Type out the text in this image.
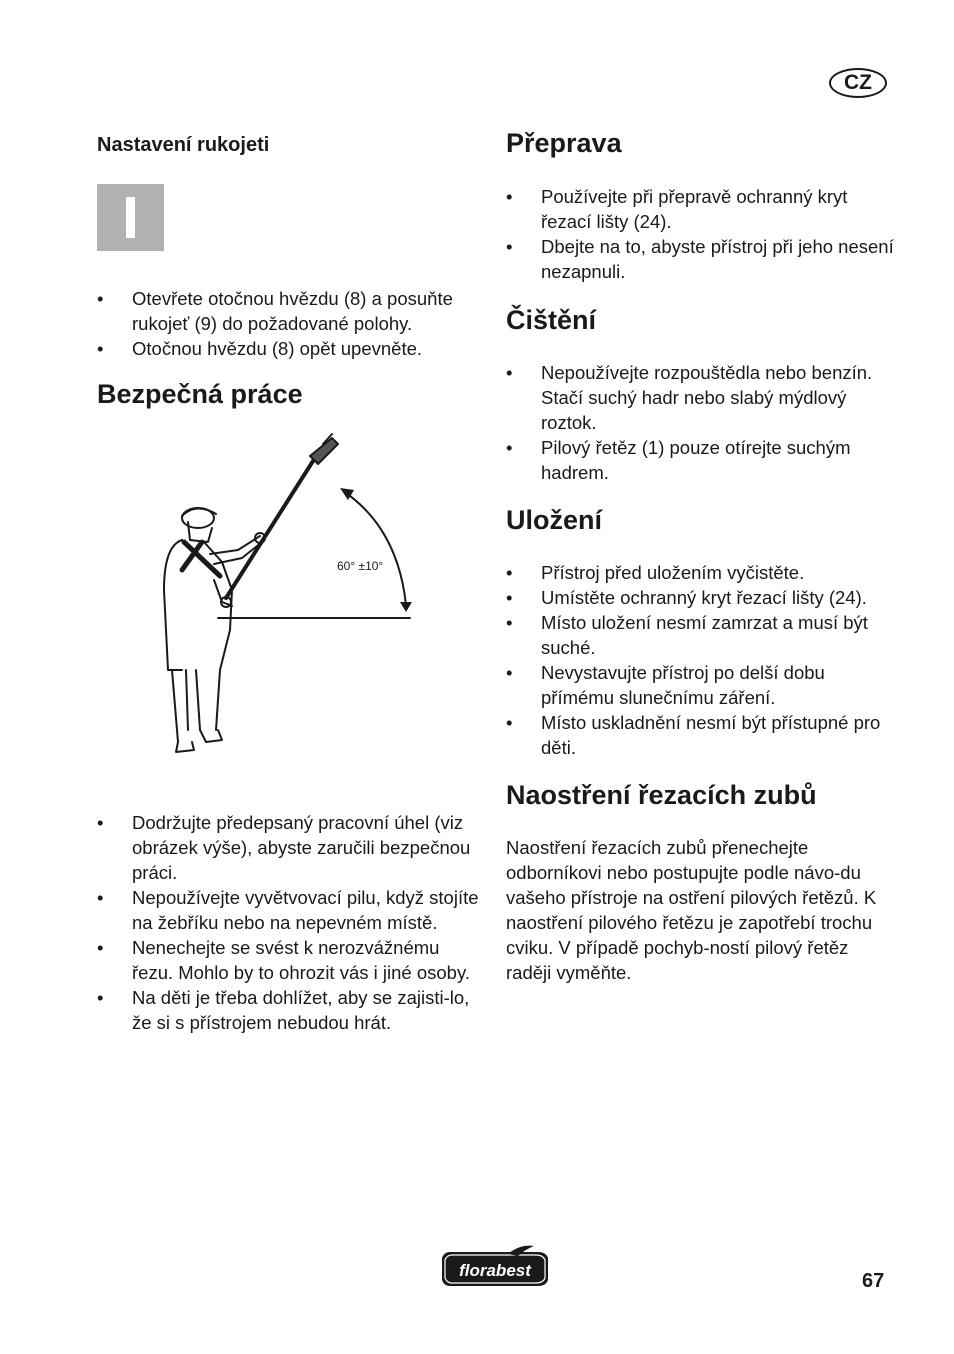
CZ
Nastavení rukojeti
• Otevřete otočnou hvězdu (8) a posuňte rukojeť (9) do požadované polohy.
• Otočnou hvězdu (8) opět upevněte.
Bezpečná práce
60° ±10°
• Dodržujte předepsaný pracovní úhel (viz obrázek výše), abyste zaručili bezpečnou práci.
• Nepoužívejte vyvětvovací pilu, když stojíte na žebříku nebo na nepevném místě.
• Nenechejte se svést k nerozvážnému řezu. Mohlo by to ohrozit vás i jiné osoby.
• Na děti je třeba dohlížet, aby se zajisti-lo, že si s přístrojem nebudou hrát.
Přeprava
• Používejte při přepravě ochranný kryt řezací lišty (24).
• Dbejte na to, abyste přístroj při jeho nesení nezapnuli.
Čištění
• Nepoužívejte rozpouštědla nebo benzín. Stačí suchý hadr nebo slabý mýdlový roztok.
• Pilový řetěz (1) pouze otírejte suchým hadrem.
Uložení
• Přístroj před uložením vyčistěte.
• Umístěte ochranný kryt řezací lišty (24).
• Místo uložení nesmí zamrzat a musí být suché.
• Nevystavujte přístroj po delší dobu přímému slunečnímu záření.
• Místo uskladnění nesmí být přístupné pro děti.
Naostření řezacích zubů

Naostření řezacích zubů přenechejte odborníkovi nebo postupujte podle návo-du vašeho přístroje na ostření pilových řetězů. K naostření pilového řetězu je zapotřebí trochu cviku. V případě pochyb-ností pilový řetěz raději vyměňte.

florabest	67
